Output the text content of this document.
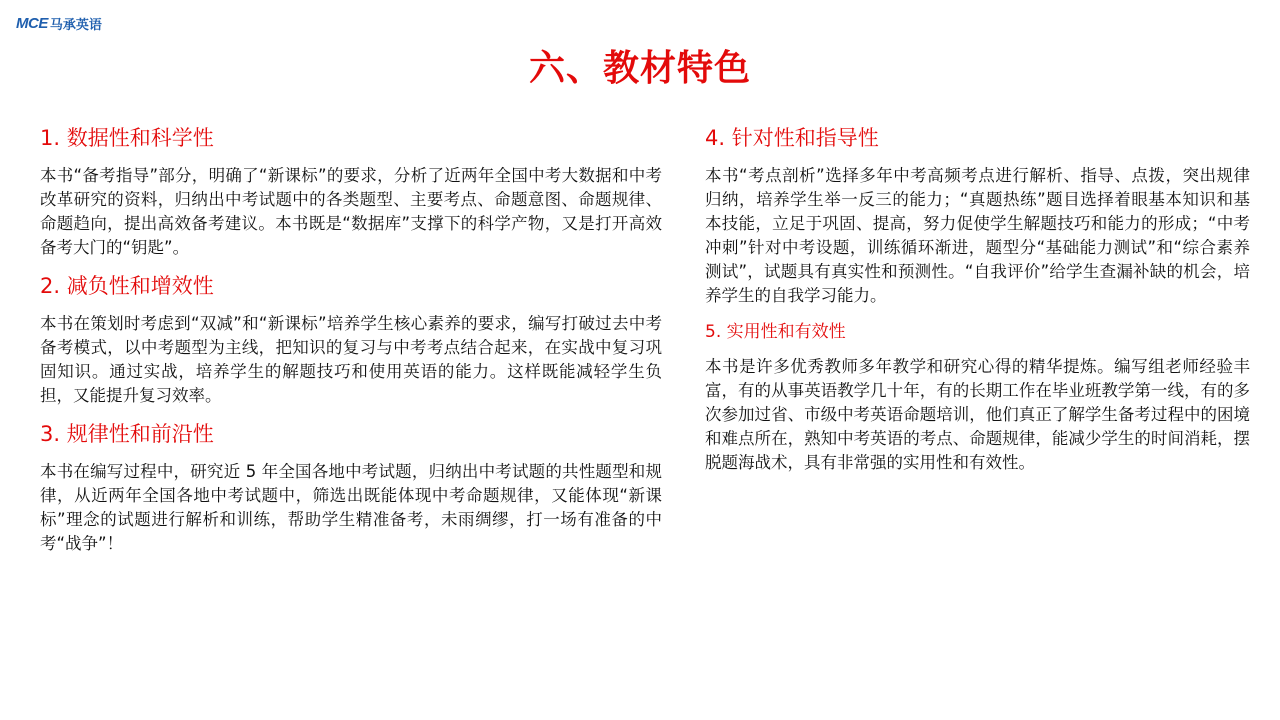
MCE 马承英语
六、教材特色
1. 数据性和科学性

本书“备考指导”部分，明确了“新课标”的要求，分析了近两年全国中考大数据和中考改革研究的资料，归纳出中考试题中的各类题型、主要考点、命题意图、命题规律、命题趋向，提出高效备考建议。本书既是“数据库”支撑下的科学产物，又是打开高效备考大门的“钥匙”。

2. 减负性和增效性

本书在策划时考虑到“双减”和“新课标”培养学生核心素养的要求，编写打破过去中考备考模式，以中考题型为主线，把知识的复习与中考考点结合起来，在实战中复习巩固知识。通过实战，培养学生的解题技巧和使用英语的能力。这样既能减轻学生负担，又能提升复习效率。

3. 规律性和前沿性

本书在编写过程中，研究近 5 年全国各地中考试题，归纳出中考试题的共性题型和规律，从近两年全国各地中考试题中，筛选出既能体现中考命题规律，又能体现“新课标”理念的试题进行解析和训练，帮助学生精准备考，未雨绸缪，打一场有准备的中考“战争”！

4. 针对性和指导性

本书“考点剖析”选择多年中考高频考点进行解析、指导、点拨，突出规律归纳，培养学生举一反三的能力；“真题热练”题目选择着眼基本知识和基本技能，立足于巩固、提高，努力促使学生解题技巧和能力的形成；“中考冲刺”针对中考设题，训练循环渐进，题型分“基础能力测试”和“综合素养测试”，试题具有真实性和预测性。“自我评价”给学生查漏补缺的机会，培养学生的自我学习能力。

5. 实用性和有效性

本书是许多优秀教师多年教学和研究心得的精华提炼。编写组老师经验丰富，有的从事英语教学几十年，有的长期工作在毕业班教学第一线，有的多次参加过省、市级中考英语命题培训，他们真正了解学生备考过程中的困境和难点所在，熟知中考英语的考点、命题规律，能减少学生的时间消耗，摆脱题海战术，具有非常强的实用性和有效性。
